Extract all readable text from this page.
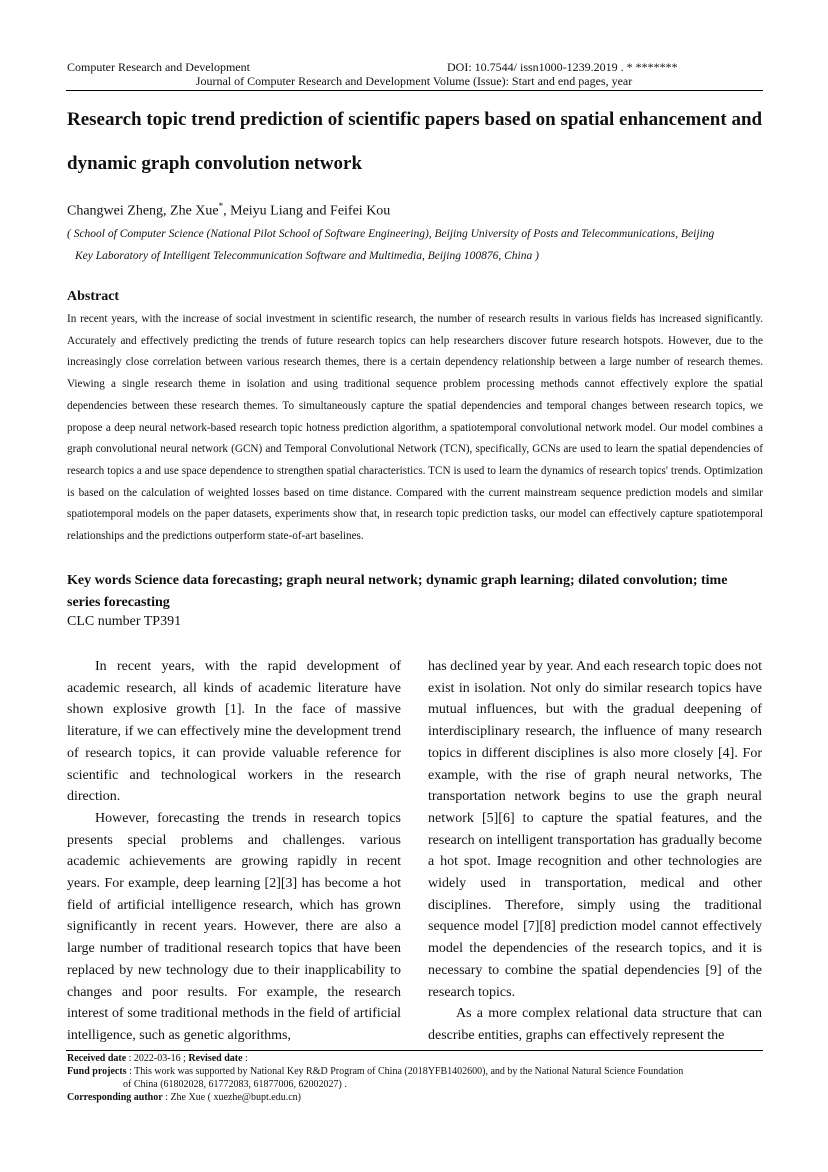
Computer Research and Development	DOI: 10.7544/ issn1000-1239.2019 . * *******
Journal of Computer Research and Development Volume (Issue): Start and end pages, year
Research topic trend prediction of scientific papers based on spatial enhancement and dynamic graph convolution network
Changwei Zheng, Zhe Xue*, Meiyu Liang and Feifei Kou
( School of Computer Science (National Pilot School of Software Engineering), Beijing University of Posts and Telecommunications, Beijing
Key Laboratory of Intelligent Telecommunication Software and Multimedia, Beijing 100876, China )
Abstract

In recent years, with the increase of social investment in scientific research, the number of research results in various fields has increased significantly. Accurately and effectively predicting the trends of future research topics can help researchers discover future research hotspots. However, due to the increasingly close correlation between various research themes, there is a certain dependency relationship between a large number of research themes. Viewing a single research theme in isolation and using traditional sequence problem processing methods cannot effectively explore the spatial dependencies between these research themes. To simultaneously capture the spatial dependencies and temporal changes between research topics, we propose a deep neural network-based research topic hotness prediction algorithm, a spatiotemporal convolutional network model. Our model combines a graph convolutional neural network (GCN) and Temporal Convolutional Network (TCN), specifically, GCNs are used to learn the spatial dependencies of research topics a and use space dependence to strengthen spatial characteristics. TCN is used to learn the dynamics of research topics' trends. Optimization is based on the calculation of weighted losses based on time distance. Compared with the current mainstream sequence prediction models and similar spatiotemporal models on the paper datasets, experiments show that, in research topic prediction tasks, our model can effectively capture spatiotemporal relationships and the predictions outperform state-of-art baselines.

Key words Science data forecasting; graph neural network; dynamic graph learning; dilated convolution; time series forecasting

CLC number TP391

In recent years, with the rapid development of academic research, all kinds of academic literature have shown explosive growth [1]. In the face of massive literature, if we can effectively mine the development trend of research topics, it can provide valuable reference for scientific and technological workers in the research direction.

However, forecasting the trends in research topics presents special problems and challenges. various academic achievements are growing rapidly in recent years. For example, deep learning [2][3] has become a hot field of artificial intelligence research, which has grown significantly in recent years. However, there are also a large number of traditional research topics that have been replaced by new technology due to their inapplicability to changes and poor results. For example, the research interest of some traditional methods in the field of artificial intelligence, such as genetic algorithms,

has declined year by year. And each research topic does not exist in isolation. Not only do similar research topics have mutual influences, but with the gradual deepening of interdisciplinary research, the influence of many research topics in different disciplines is also more closely [4]. For example, with the rise of graph neural networks, The transportation network begins to use the graph neural network [5][6] to capture the spatial features, and the research on intelligent transportation has gradually become a hot spot. Image recognition and other technologies are widely used in transportation, medical and other disciplines. Therefore, simply using the traditional sequence model [7][8] prediction model cannot effectively model the dependencies of the research topics, and it is necessary to combine the spatial dependencies [9] of the research topics.

As a more complex relational data structure that can describe entities, graphs can effectively represent the

Received date : 2022-03-16 ; Revised date :
Fund projects : This work was supported by National Key R&D Program of China (2018YFB1402600), and by the National Natural Science Foundation
of China (61802028, 61772083, 61877006, 62002027) .
Corresponding author : Zhe Xue ( xuezhe@bupt.edu.cn)
